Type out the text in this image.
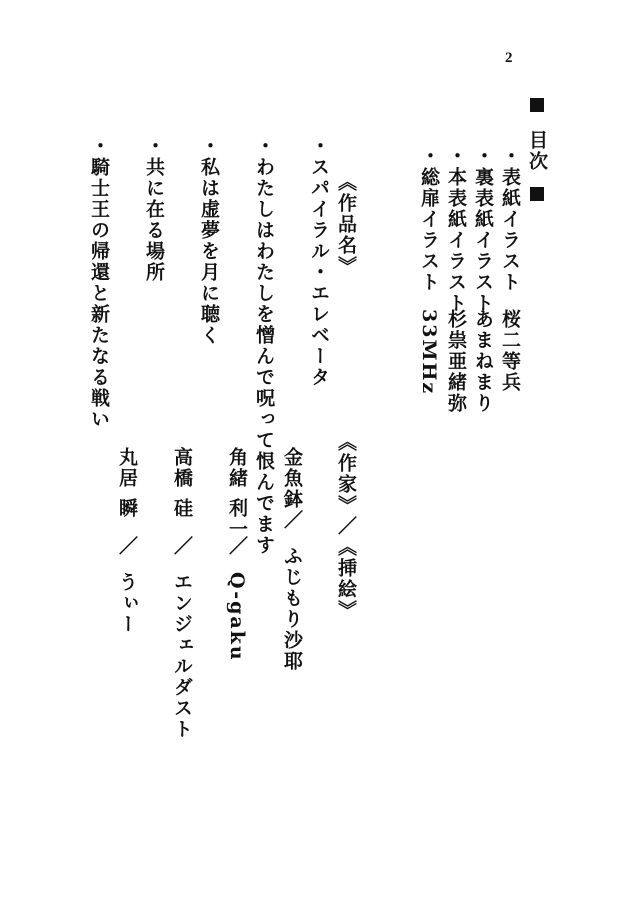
2
目次
・表紙イラスト
桜二等兵
・裏表紙イラスト
あまねまり
・本表紙イラスト
杉祟亜緒弥
・総扉イラスト
33MHz
《作品名》
《作家》／《挿絵》
・スパイラル・エレベータ
・わたしはわたしを憎んで呪って恨んでます
・私は虚夢を月に聴く
・共に在る場所
・騎士王の帰還と新たなる戦い
金魚鉢
／
ふじもり沙耶
角緒 利一
／
Q-gaku
高橋 硅
／
エンジェルダスト
丸居 瞬
／
うぃー
